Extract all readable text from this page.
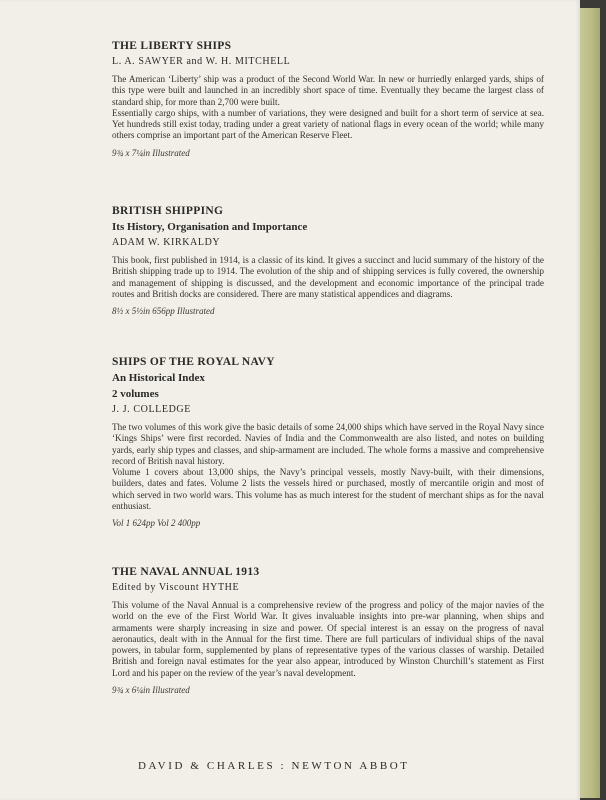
THE LIBERTY SHIPS
L. A. SAWYER and W. H. MITCHELL

The American ‘Liberty’ ship was a product of the Second World War. In new or hurriedly enlarged yards, ships of this type were built and launched in an incredibly short space of time. Eventually they became the largest class of standard ship, for more than 2,700 were built.

Essentially cargo ships, with a number of variations, they were designed and built for a short term of service at sea. Yet hundreds still exist today, trading under a great variety of national flags in every ocean of the world; while many others comprise an important part of the American Reserve Fleet.

9¾ x 7¼in Illustrated
BRITISH SHIPPING
Its History, Organisation and Importance
ADAM W. KIRKALDY

This book, first published in 1914, is a classic of its kind. It gives a succinct and lucid summary of the history of the British shipping trade up to 1914. The evolution of the ship and of shipping services is fully covered, the ownership and management of shipping is discussed, and the development and economic importance of the principal trade routes and British docks are considered. There are many statistical appendices and diagrams.

8½ x 5½in 656pp Illustrated
SHIPS OF THE ROYAL NAVY
An Historical Index
2 volumes
J. J. COLLEDGE

The two volumes of this work give the basic details of some 24,000 ships which have served in the Royal Navy since ‘Kings Ships’ were first recorded. Navies of India and the Commonwealth are also listed, and notes on building yards, early ship types and classes, and ship-armament are included. The whole forms a massive and comprehensive record of British naval history.

Volume 1 covers about 13,000 ships, the Navy’s principal vessels, mostly Navy-built, with their dimensions, builders, dates and fates. Volume 2 lists the vessels hired or purchased, mostly of mercantile origin and most of which served in two world wars. This volume has as much interest for the student of merchant ships as for the naval enthusiast.

Vol 1 624pp Vol 2 400pp
THE NAVAL ANNUAL 1913
Edited by Viscount HYTHE

This volume of the Naval Annual is a comprehensive review of the progress and policy of the major navies of the world on the eve of the First World War. It gives invaluable insights into pre-war planning, when ships and armaments were sharply increasing in size and power. Of special interest is an essay on the progress of naval aeronautics, dealt with in the Annual for the first time. There are full particulars of individual ships of the naval powers, in tabular form, supplemented by plans of representative types of the various classes of warship. Detailed British and foreign naval estimates for the year also appear, introduced by Winston Churchill’s statement as First Lord and his paper on the review of the year’s naval development.

9¾ x 6¼in Illustrated
DAVID & CHARLES : NEWTON ABBOT
